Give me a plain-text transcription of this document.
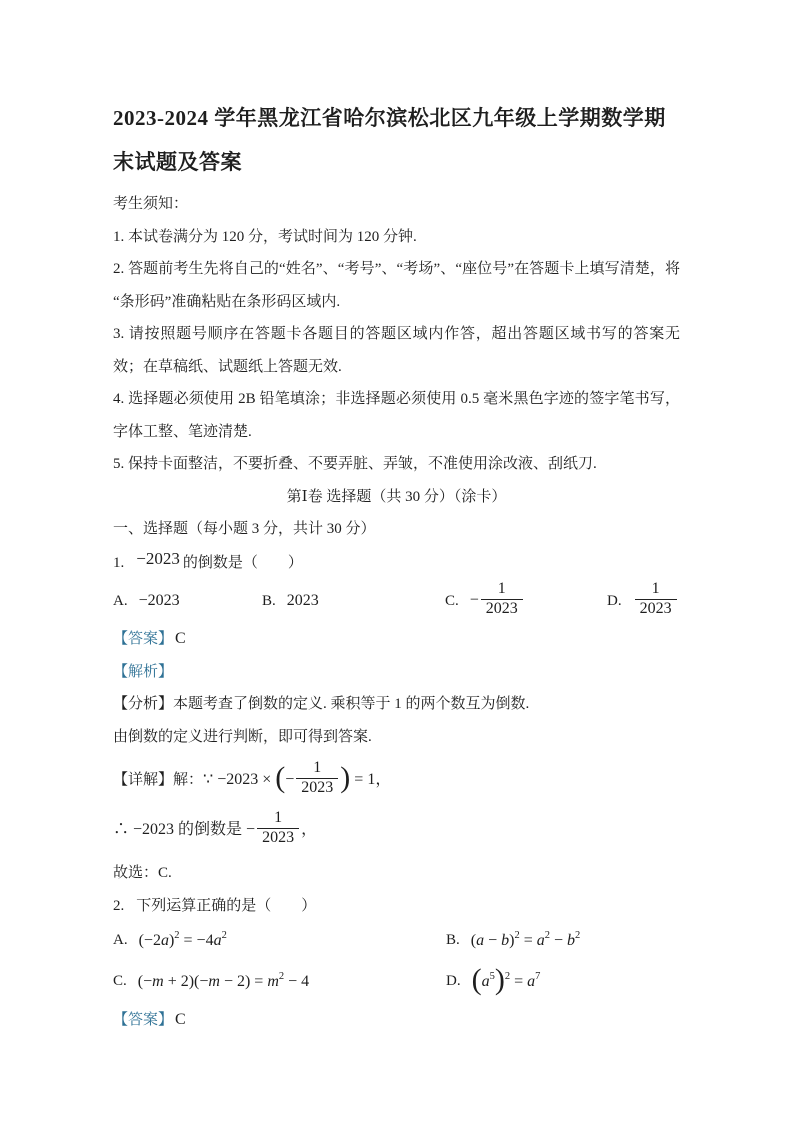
2023-2024 学年黑龙江省哈尔滨松北区九年级上学期数学期末试题及答案

考生须知：

1. 本试卷满分为 120 分，考试时间为 120 分钟.

2. 答题前考生先将自己的“姓名”、“考号”、“考场”、“座位号”在答题卡上填写清楚，将“条形码”准确粘贴在条形码区域内.

3. 请按照题号顺序在答题卡各题目的答题区域内作答，超出答题区域书写的答案无效；在草稿纸、试题纸上答题无效.

4. 选择题必须使用 2B 铅笔填涂；非选择题必须使用 0.5 毫米黑色字迹的签字笔书写，字体工整、笔迹清楚.

5. 保持卡面整洁，不要折叠、不要弄脏、弄皱，不准使用涂改液、刮纸刀.

第Ⅰ卷 选择题（共 30 分）（涂卡）

一、选择题（每小题 3 分，共计 30 分）

1. −2023 的倒数是（　　）

A. −2023	B. 2023	C. − $\frac{1}{2023}$	D. $\frac{1}{2023}$

【答案】 C

【解析】

【分析】本题考查了倒数的定义. 乘积等于 1 的两个数互为倒数.

由倒数的定义进行判断，即可得到答案.

【详解】解：∵ −2023 × (− $\frac{1}{2023}$ ) = 1，

∴ −2023 的倒数是 − $\frac{1}{2023}$ ，

故选：C.

2. 下列运算正确的是（　　）

A. $(-2a)^2 = -4a^2$	B. $(a - b)^2 = a^2 - b^2$
C. $(-m + 2)(-m - 2) = m^2 - 4$	D. $(a^5)^2 = a^7$

【答案】 C
